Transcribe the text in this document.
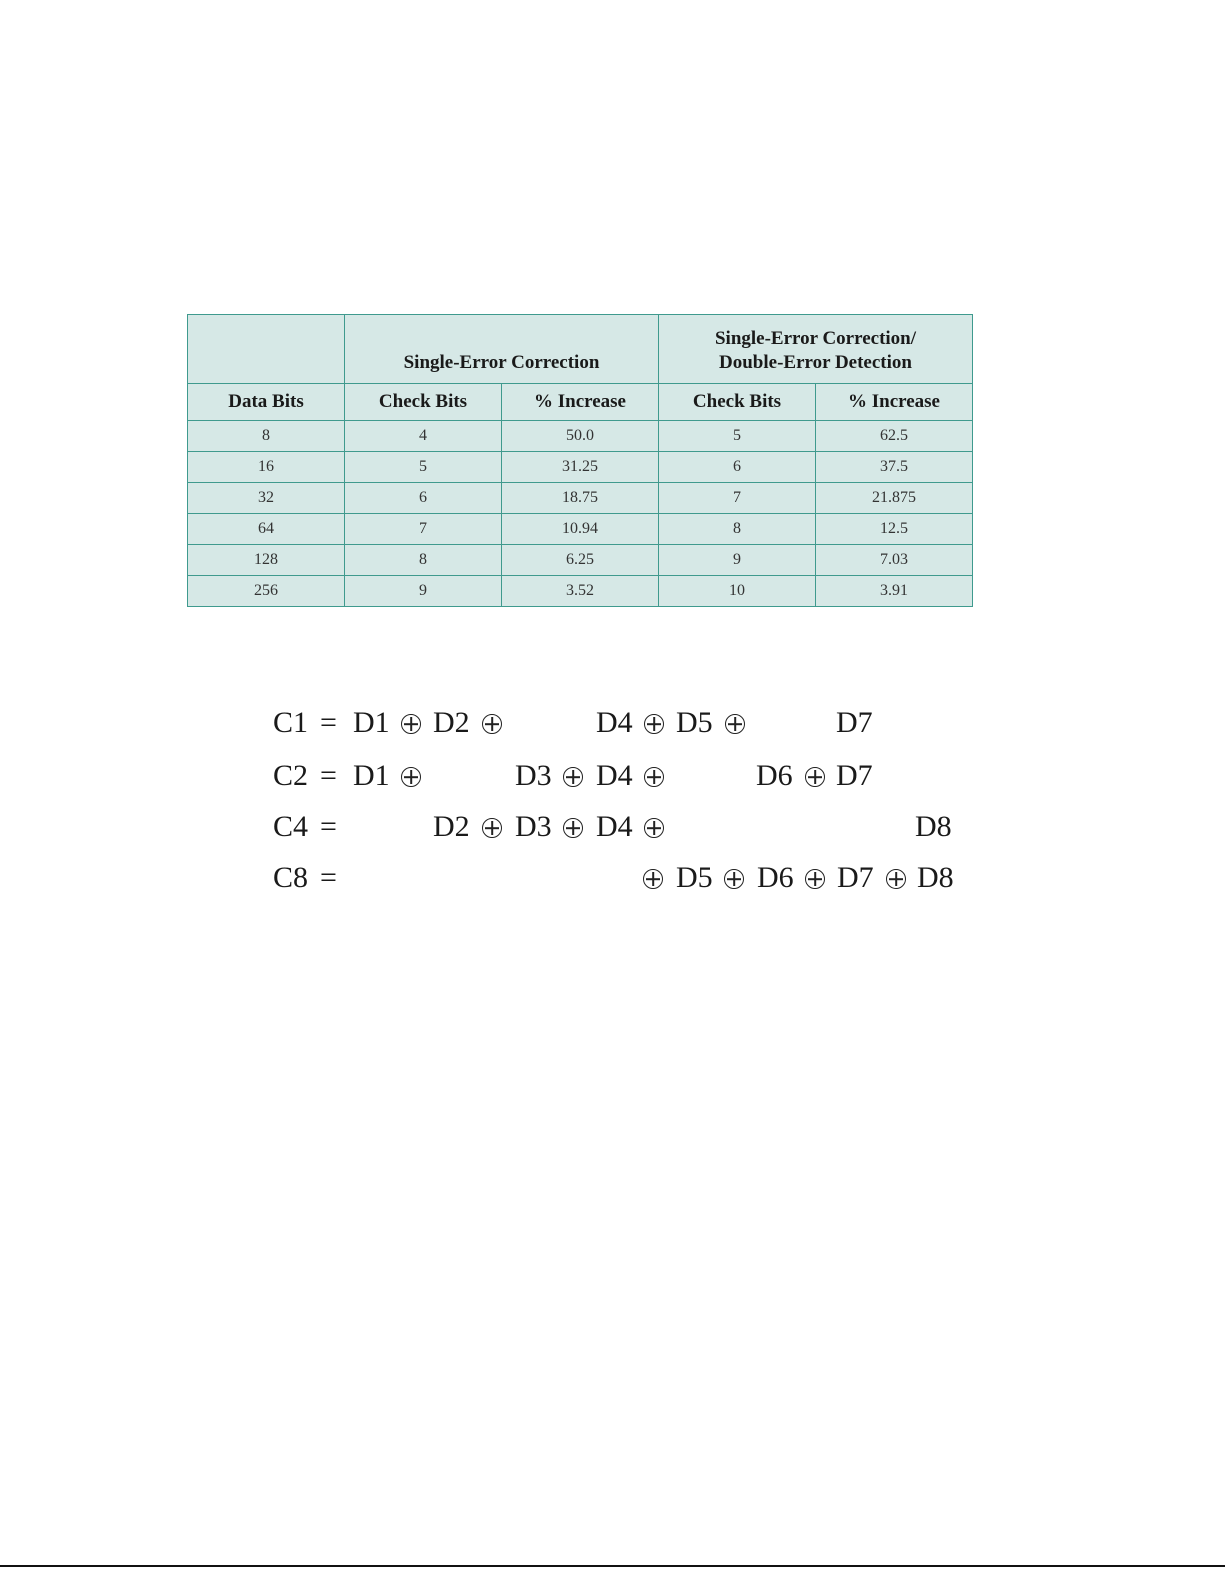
	Single-Error Correction		Single-Error Correction/
Double-Error Detection	

Data Bits	Check Bits	% Increase	Check Bits	% Increase
8	4	50.0	5	62.5
16	5	31.25	6	37.5
32	6	18.75	7	21.875
64	7	10.94	8	12.5
128	8	6.25	9	7.03
256	9	3.52	10	3.91
C1 = D1 D2	D4 D5	D7
C2 = D1	D3 D4	D6 D7
C4 =	D2 D3 D4	D8
C8 =	D5 D6 D7 D8
